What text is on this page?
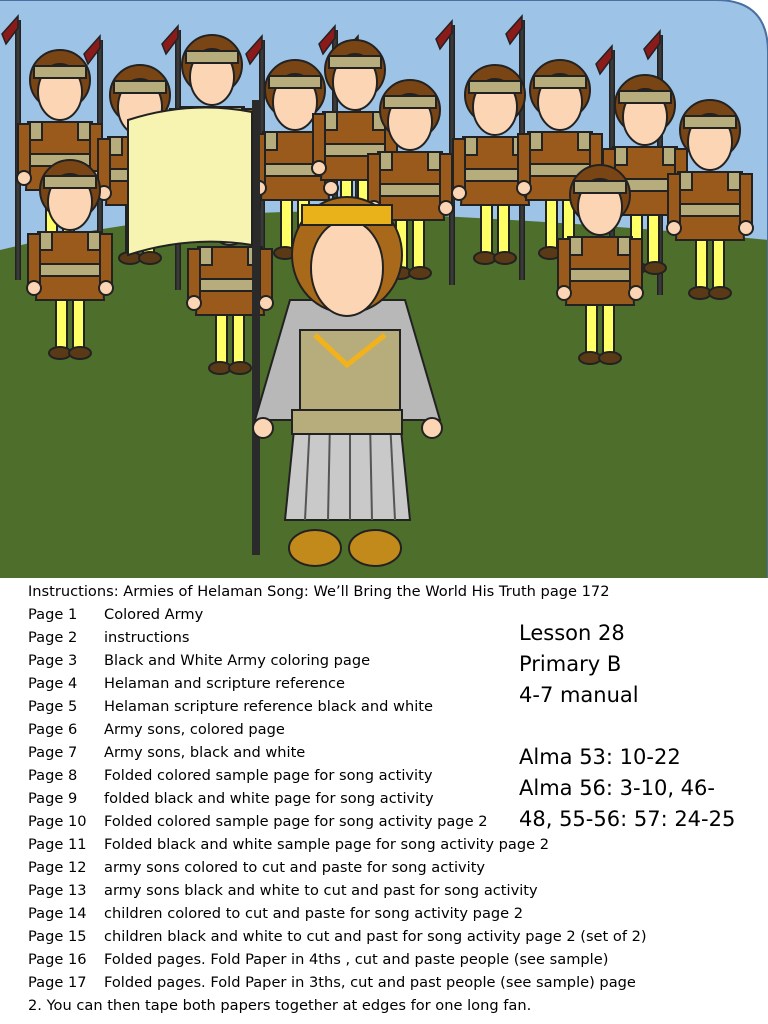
Instructions: Armies of Helaman Song: We’ll Bring the World His Truth page 172
Page 1 Colored Army
Page 2 instructions
Page 3 Black and White Army coloring page
Page 4 Helaman and scripture reference
Page 5 Helaman scripture reference black and white
Page 6 Army sons, colored page
Page 7 Army sons, black and white
Page 8 Folded colored sample page for song activity
Page 9 folded black and white page for song activity
Page 10 Folded colored sample page for song activity page 2
Page 11 Folded black and white sample page for song activity page 2
Page 12 army sons colored to cut and paste for song activity
Page 13 army sons black and white to cut and past for song activity
Page 14 children colored to cut and paste for song activity page 2
Page 15 children black and white to cut and past for song activity page 2 (set of 2)
Page 16 Folded pages. Fold Paper in 4ths , cut and paste people (see sample)
Page 17 Folded pages. Fold Paper in 3ths, cut and past people (see sample) page
2. You can then tape both papers together at edges for one long fan.
Lesson 28
Primary B
4-7 manual
Alma 53: 10-22
Alma 56: 3-10, 46-
48, 55-56: 57: 24-25
